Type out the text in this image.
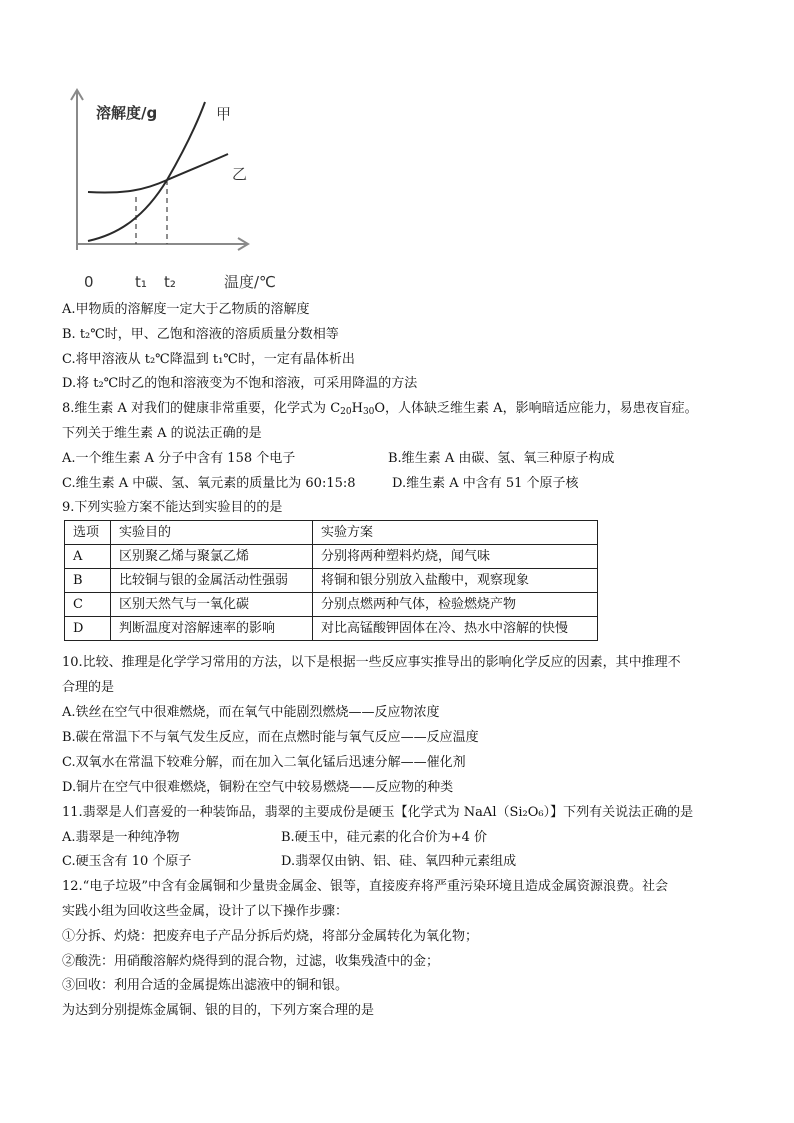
溶解度/g	甲
乙
0	t₁ t₂	温度/℃
A.甲物质的溶解度一定大于乙物质的溶解度
B. t₂℃时，甲、乙饱和溶液的溶质质量分数相等
C.将甲溶液从 t₂℃降温到 t₁℃时，一定有晶体析出
D.将 t₂℃时乙的饱和溶液变为不饱和溶液，可采用降温的方法
8.维生素 A 对我们的健康非常重要，化学式为 $C_{20}H_{30}O$，人体缺乏维生素 A，影响暗适应能力，易患夜盲症。
下列关于维生素 A 的说法正确的是
A.一个维生素 A 分子中含有 158 个电子	B.维生素 A 由碳、氢、氧三种原子构成
C.维生素 A 中碳、氢、氧元素的质量比为 60:15:8	D.维生素 A 中含有 51 个原子核
9.下列实验方案不能达到实验目的的是
选项	实验目的	实验方案
A	区别聚乙烯与聚氯乙烯	分别将两种塑料灼烧，闻气味
B	比较铜与银的金属活动性强弱	将铜和银分别放入盐酸中，观察现象
C	区别天然气与一氧化碳	分别点燃两种气体，检验燃烧产物
D	判断温度对溶解速率的影响	对比高锰酸钾固体在冷、热水中溶解的快慢
10.比较、推理是化学学习常用的方法，以下是根据一些反应事实推导出的影响化学反应的因素，其中推理不
合理的是
A.铁丝在空气中很难燃烧，而在氧气中能剧烈燃烧——反应物浓度
B.碳在常温下不与氧气发生反应，而在点燃时能与氧气反应——反应温度
C.双氧水在常温下较难分解，而在加入二氧化锰后迅速分解——催化剂
D.铜片在空气中很难燃烧，铜粉在空气中较易燃烧——反应物的种类
11.翡翠是人们喜爱的一种装饰品，翡翠的主要成份是硬玉【化学式为 NaAl（Si₂O₆）】下列有关说法正确的是
A.翡翠是一种纯净物	B.硬玉中，硅元素的化合价为+4 价
C.硬玉含有 10 个原子	D.翡翠仅由钠、铝、硅、氧四种元素组成
12.“电子垃圾”中含有金属铜和少量贵金属金、银等，直接废弃将严重污染环境且造成金属资源浪费。社会
实践小组为回收这些金属，设计了以下操作步骤：
①分拆、灼烧：把废弃电子产品分拆后灼烧，将部分金属转化为氧化物；
②酸洗：用硝酸溶解灼烧得到的混合物，过滤，收集残渣中的金；
③回收：利用合适的金属提炼出滤液中的铜和银。
为达到分别提炼金属铜、银的目的，下列方案合理的是
